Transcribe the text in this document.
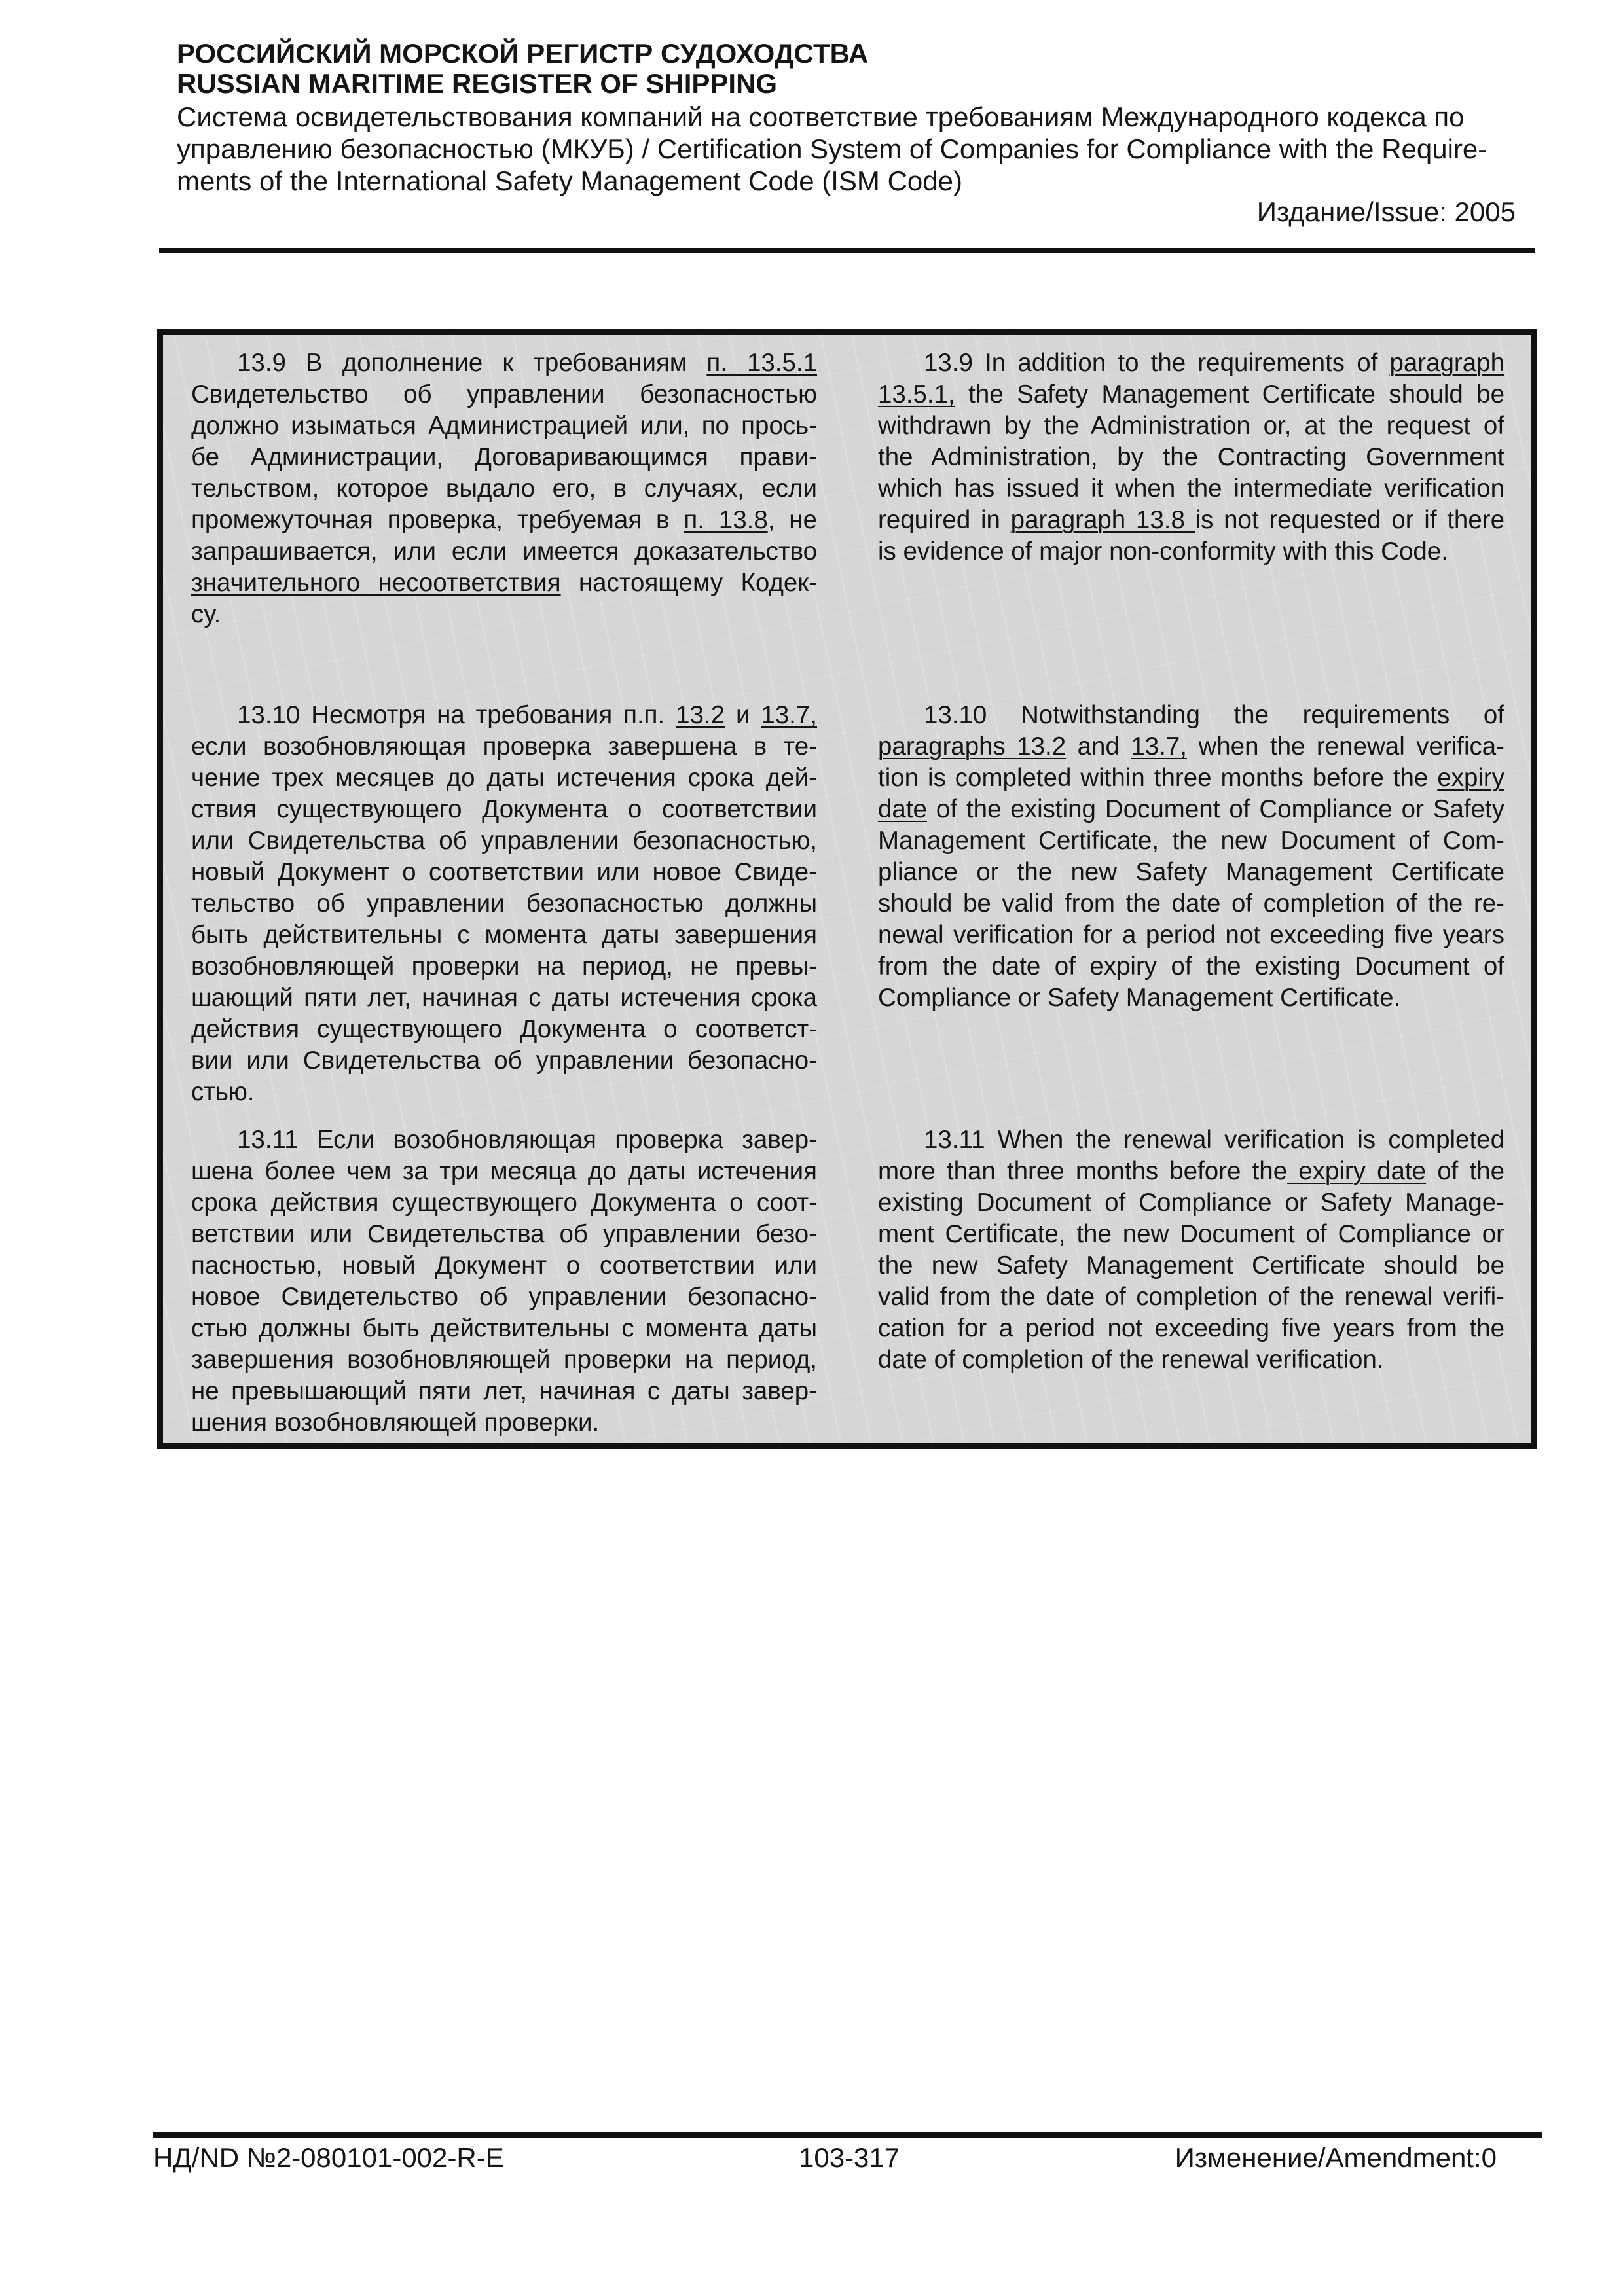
РОССИЙСКИЙ МОРСКОЙ РЕГИСТР СУДОХОДСТВА
RUSSIAN MARITIME REGISTER OF SHIPPING
Система освидетельствования компаний на соответствие требованиям Международного кодекса по
управлению безопасностью (МКУБ) / Certification System of Companies for Compliance with the Require-
ments of the International Safety Management Code (ISM Code)
Издание/Issue: 2005
13.9 В дополнение к требованиям п. 13.5.1
Свидетельство об управлении безопасностью
должно изыматься Администрацией или, по прось-
бе Администрации, Договаривающимся прави-
тельством, которое выдало его, в случаях, если
промежуточная проверка, требуемая в п. 13.8, не
запрашивается, или если имеется доказательство
значительного несоответствия настоящему Кодек-
су.
13.10 Несмотря на требования п.п. 13.2 и 13.7,
если возобновляющая проверка завершена в те-
чение трех месяцев до даты истечения срока дей-
ствия существующего Документа о соответствии
или Свидетельства об управлении безопасностью,
новый Документ о соответствии или новое Свиде-
тельство об управлении безопасностью должны
быть действительны с момента даты завершения
возобновляющей проверки на период, не превы-
шающий пяти лет, начиная с даты истечения срока
действия существующего Документа о соответст-
вии или Свидетельства об управлении безопасно-
стью.
13.11 Если возобновляющая проверка завер-
шена более чем за три месяца до даты истечения
срока действия существующего Документа о соот-
ветствии или Свидетельства об управлении безо-
пасностью, новый Документ о соответствии или
новое Свидетельство об управлении безопасно-
стью должны быть действительны с момента даты
завершения возобновляющей проверки на период,
не превышающий пяти лет, начиная с даты завер-
шения возобновляющей проверки.
13.9 In addition to the requirements of paragraph
13.5.1, the Safety Management Certificate should be
withdrawn by the Administration or, at the request of
the Administration, by the Contracting Government
which has issued it when the intermediate verification
required in paragraph 13.8 is not requested or if there
is evidence of major non-conformity with this Code.
13.10 Notwithstanding the requirements of
paragraphs 13.2 and 13.7, when the renewal verifica-
tion is completed within three months before the expiry
date of the existing Document of Compliance or Safety
Management Certificate, the new Document of Com-
pliance or the new Safety Management Certificate
should be valid from the date of completion of the re-
newal verification for a period not exceeding five years
from the date of expiry of the existing Document of
Compliance or Safety Management Certificate.
13.11 When the renewal verification is completed
more than three months before the expiry date of the
existing Document of Compliance or Safety Manage-
ment Certificate, the new Document of Compliance or
the new Safety Management Certificate should be
valid from the date of completion of the renewal verifi-
cation for a period not exceeding five years from the
date of completion of the renewal verification.
НД/ND №2-080101-002-R-E	103-317	Изменение/Amendment:0
